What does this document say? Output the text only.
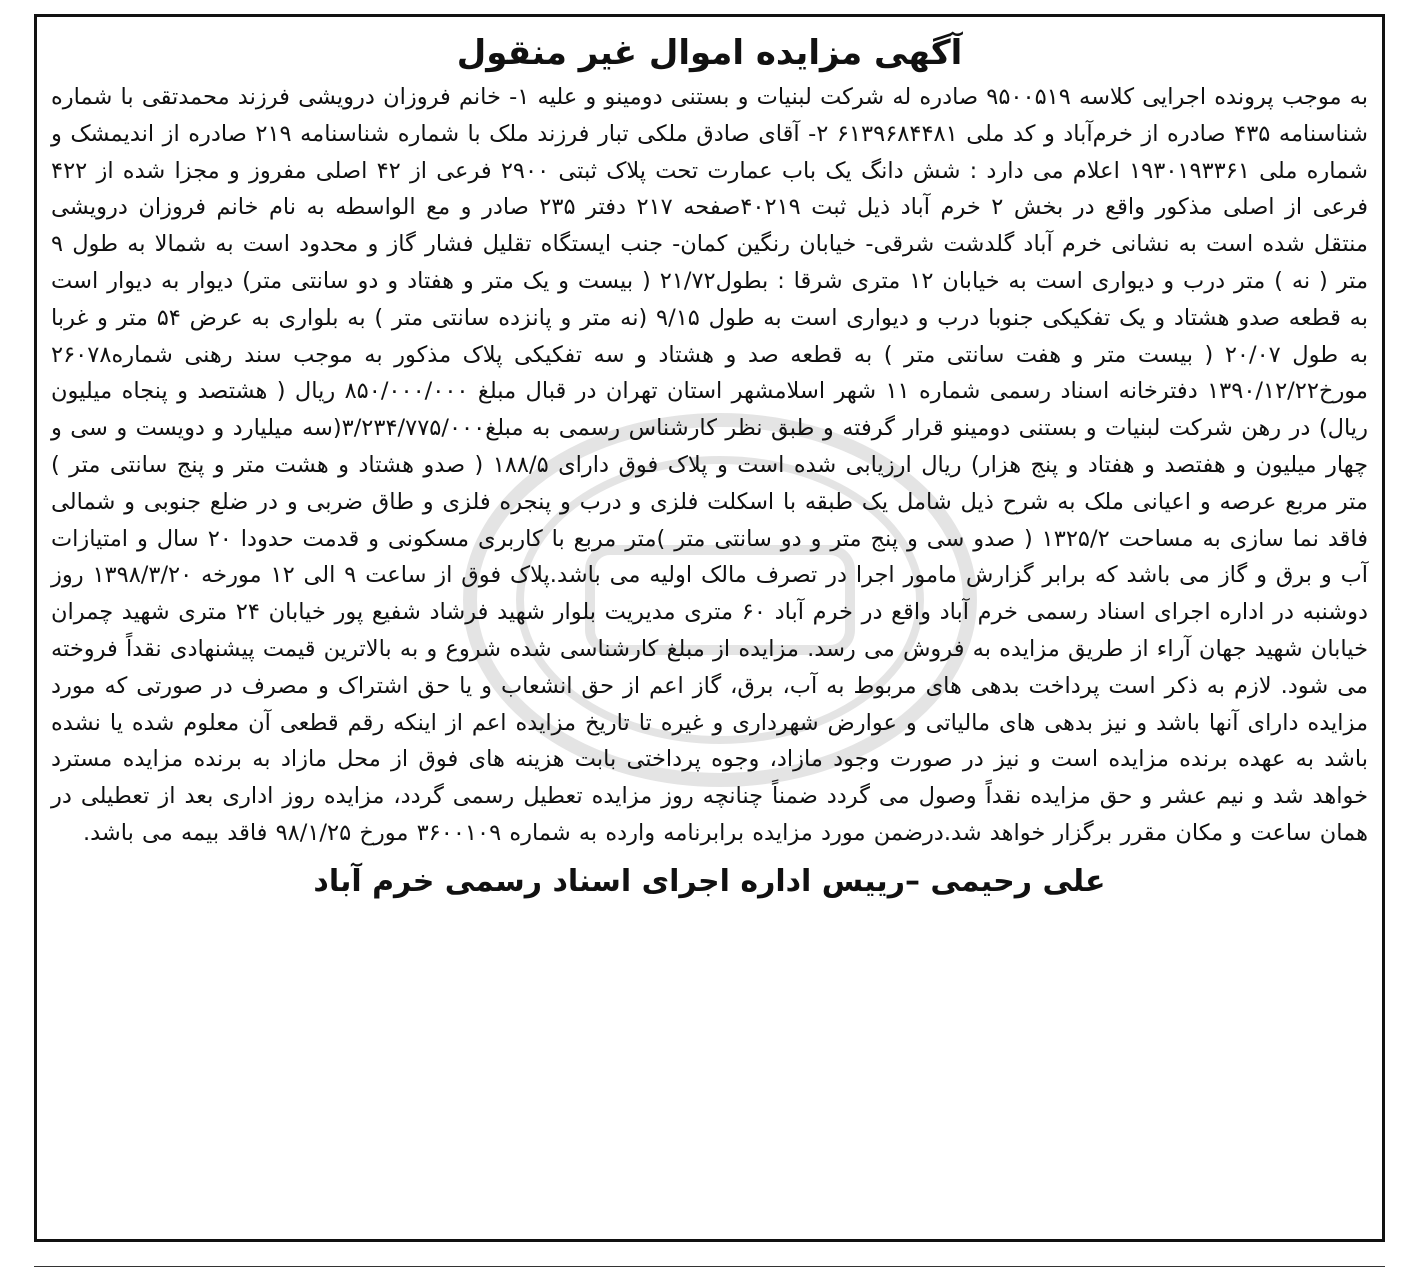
آگهی مزایده اموال غیر منقول

به موجب پرونده اجرایی کلاسه ۹۵۰۰۵۱۹ صادره له شرکت لبنیات و بستنی دومینو و علیه ۱- خانم فروزان درویشی فرزند محمدتقی با شماره شناسنامه ۴۳۵ صادره از خرم‌آباد و کد ملی ۶۱۳۹۶۸۴۴۸۱ ۲- آقای صادق ملکی تبار فرزند ملک با شماره شناسنامه ۲۱۹ صادره از اندیمشک و شماره ملی ۱۹۳۰۱۹۳۳۶۱ اعلام می دارد : شش دانگ یک باب عمارت تحت پلاک ثبتی ۲۹۰۰ فرعی از ۴۲ اصلی مفروز و مجزا شده از ۴۲۲ فرعی از اصلی مذکور واقع در بخش ۲ خرم آباد ذیل ثبت ۴۰۲۱۹صفحه ۲۱۷ دفتر ۲۳۵ صادر و مع الواسطه به نام خانم فروزان درویشی منتقل شده است به نشانی خرم آباد گلدشت شرقی- خیابان رنگین کمان- جنب ایستگاه تقلیل فشار گاز و محدود است به شمالا به طول ۹ متر ( نه ) متر درب و دیواری است به خیابان ۱۲ متری شرقا : بطول۲۱/۷۲ ( بیست و یک متر و هفتاد و دو سانتی متر) دیوار به دیوار است به قطعه صدو هشتاد و یک تفکیکی جنوبا درب و دیواری است به طول ۹/۱۵ (نه متر و پانزده سانتی متر ) به بلواری به عرض ۵۴ متر و غربا به طول ۲۰/۰۷ ( بیست متر و هفت سانتی متر ) به قطعه صد و هشتاد و سه تفکیکی پلاک مذکور به موجب سند رهنی شماره۲۶۰۷۸ مورخ۱۳۹۰/۱۲/۲۲ دفترخانه اسناد رسمی شماره ۱۱ شهر اسلامشهر استان تهران در قبال مبلغ ۸۵۰/۰۰۰/۰۰۰ ریال ( هشتصد و پنجاه میلیون ریال) در رهن شرکت لبنیات و بستنی دومینو قرار گرفته و طبق نظر کارشناس رسمی به مبلغ۳/۲۳۴/۷۷۵/۰۰۰(سه میلیارد و دویست و سی و چهار میلیون و هفتصد و هفتاد و پنج هزار) ریال ارزیابی شده است و پلاک فوق دارای ۱۸۸/۵ ( صدو هشتاد و هشت متر و پنج سانتی متر ) متر مربع عرصه و اعیانی ملک به شرح ذیل شامل یک طبقه با اسکلت فلزی و درب و پنجره فلزی و طاق ضربی و در ضلع جنوبی و شمالی فاقد نما سازی به مساحت ۱۳۲۵/۲ ( صدو سی و پنج متر و دو سانتی متر )متر مربع با کاربری مسکونی و قدمت حدودا ۲۰ سال و امتیازات آب و برق و گاز می باشد که برابر گزارش مامور اجرا در تصرف مالک اولیه می باشد.پلاک فوق از ساعت ۹ الی ۱۲ مورخه ۱۳۹۸/۳/۲۰ روز دوشنبه در اداره اجرای اسناد رسمی خرم آباد واقع در خرم آباد ۶۰ متری مدیریت بلوار شهید فرشاد شفیع پور خیابان ۲۴ متری شهید چمران خیابان شهید جهان آراء از طریق مزایده به فروش می رسد. مزایده از مبلغ کارشناسی شده شروع و به بالاترین قیمت پیشنهادی نقداً فروخته می شود. لازم به ذکر است پرداخت بدهی های مربوط به آب، برق، گاز اعم از حق انشعاب و یا حق اشتراک و مصرف در صورتی که مورد مزایده دارای آنها باشد و نیز بدهی های مالیاتی و عوارض شهرداری و غیره تا تاریخ مزایده اعم از اینکه رقم قطعی آن معلوم شده یا نشده باشد به عهده برنده مزایده است و نیز در صورت وجود مازاد، وجوه پرداختی بابت هزینه های فوق از محل مازاد به برنده مزایده مسترد خواهد شد و نیم عشر و حق مزایده نقداً وصول می گردد ضمناً چنانچه روز مزایده تعطیل رسمی گردد، مزایده روز اداری بعد از تعطیلی در همان ساعت و مکان مقرر برگزار خواهد شد.درضمن مورد مزایده برابرنامه وارده به شماره ۳۶۰۰۱۰۹ مورخ ۹۸/۱/۲۵ فاقد بیمه می باشد.

علی رحیمی –رییس اداره اجرای اسناد رسمی خرم آباد
